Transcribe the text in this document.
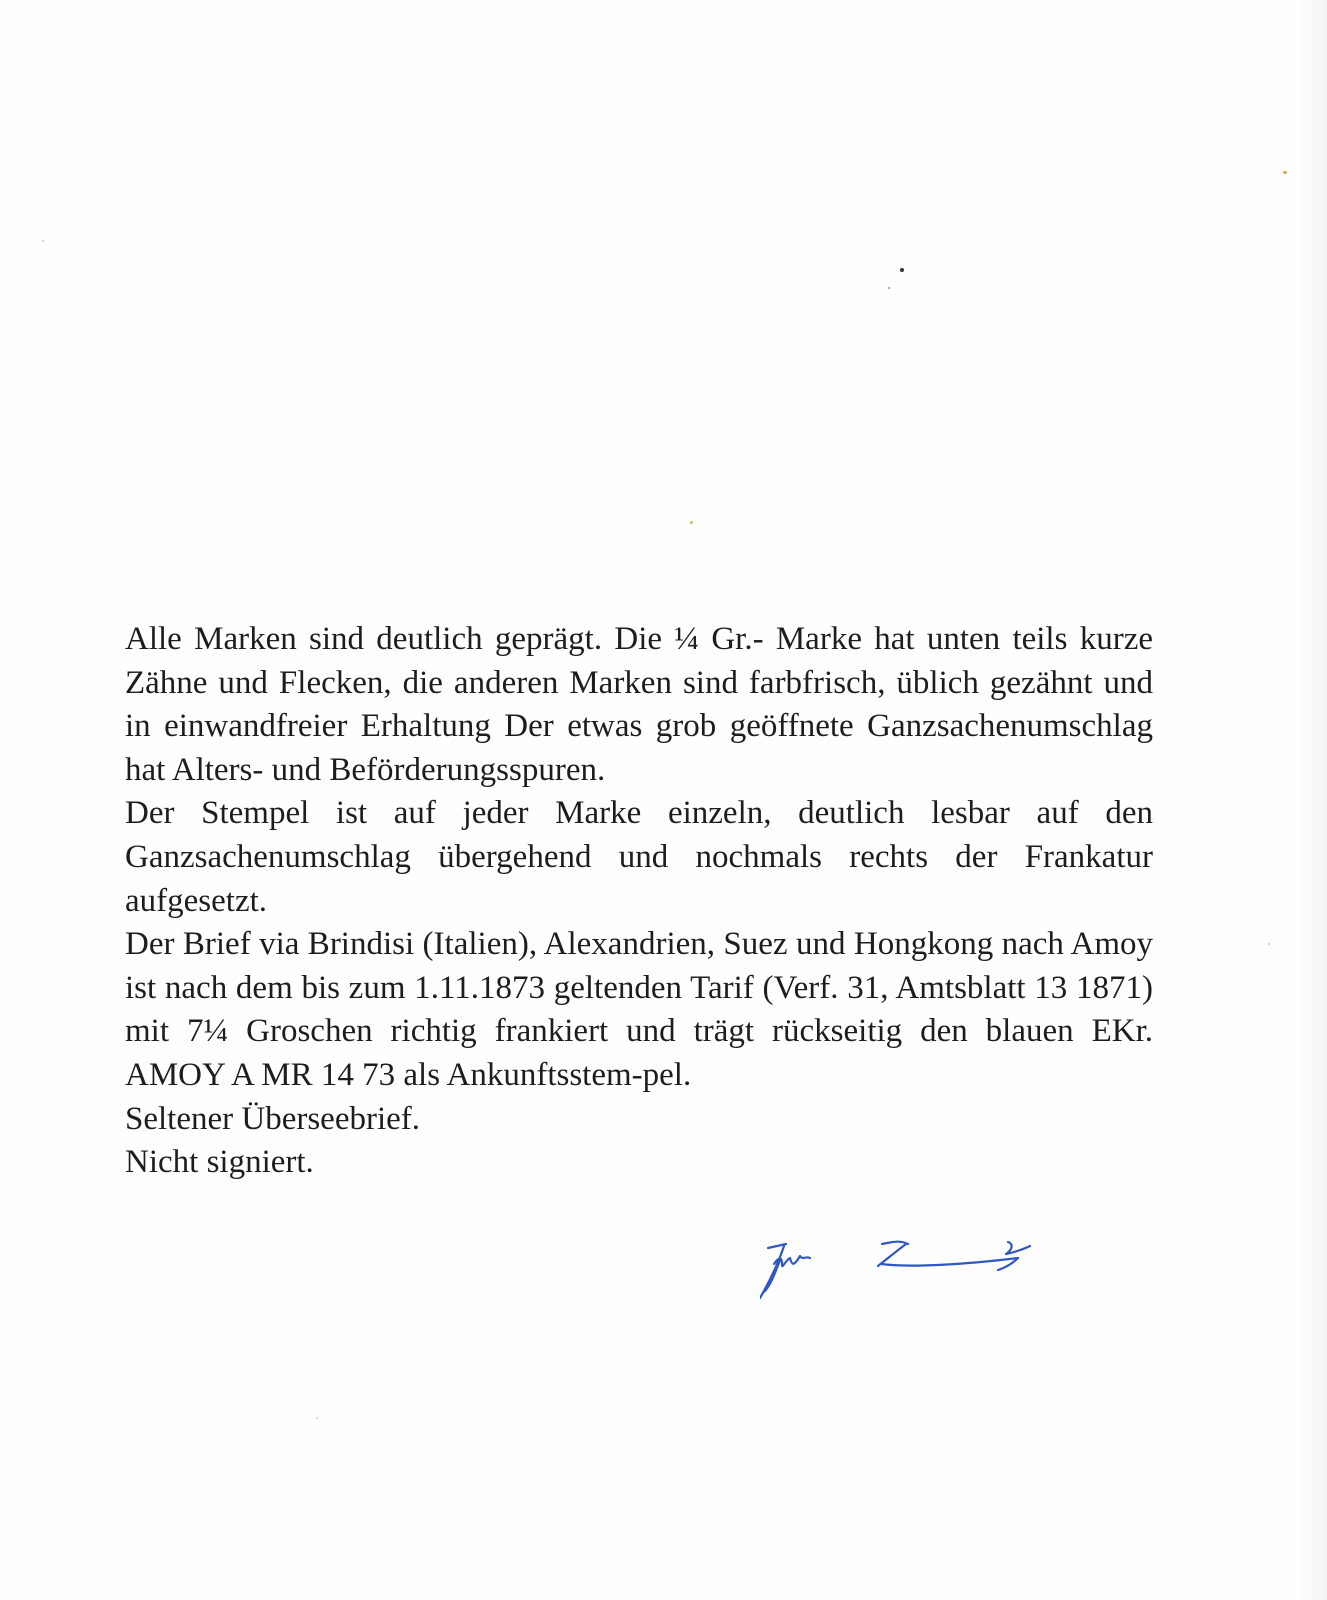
Alle Marken sind deutlich geprägt. Die ¼ Gr.- Marke hat unten teils kurze Zähne und Flecken, die anderen Marken sind farbfrisch, üblich gezähnt und in einwandfreier Erhaltung Der etwas grob geöffnete Ganzsachenumschlag hat Alters- und Beförderungsspuren.

Der Stempel ist auf jeder Marke einzeln, deutlich lesbar auf den Ganzsachenumschlag übergehend und nochmals rechts der Frankatur aufgesetzt.

Der Brief via Brindisi (Italien), Alexandrien, Suez und Hongkong nach Amoy ist nach dem bis zum 1.11.1873 geltenden Tarif (Verf. 31, Amtsblatt 13 1871) mit 7¼ Groschen richtig frankiert und trägt rückseitig den blauen EKr. AMOY A MR 14 73 als Ankunftsstem-pel.

Seltener Überseebrief.

Nicht signiert.
